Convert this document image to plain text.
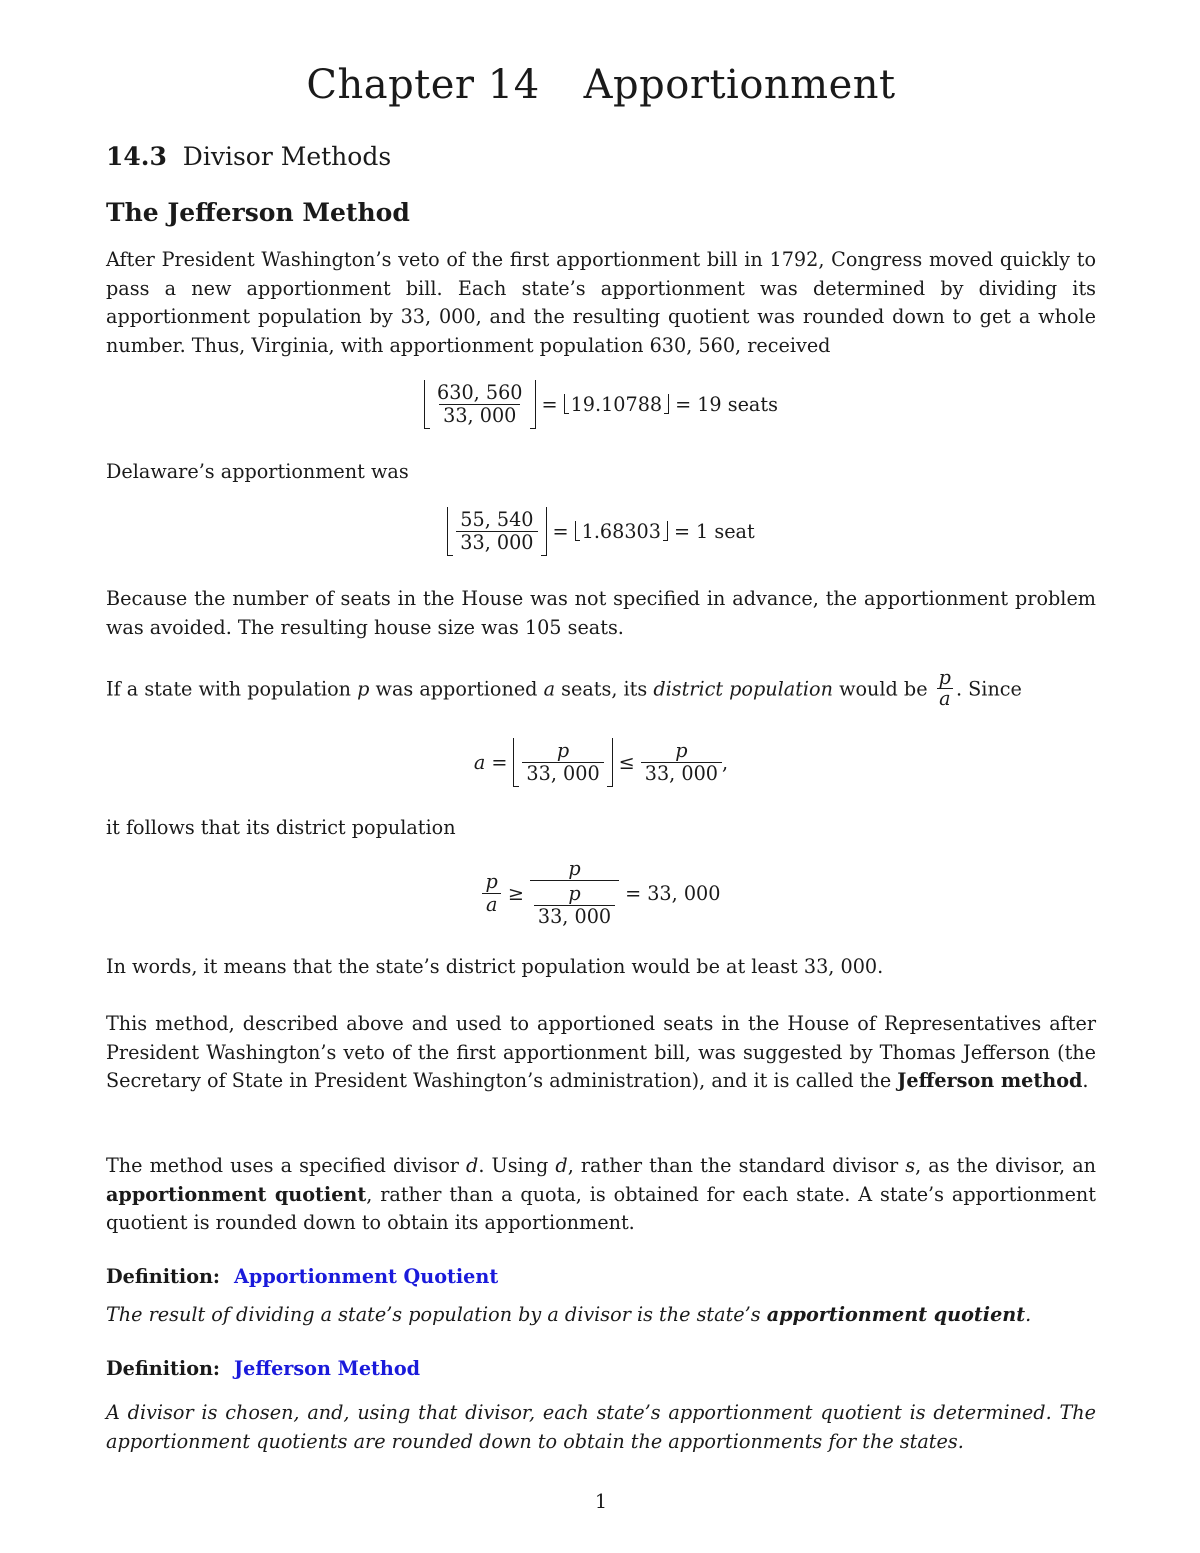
Chapter 14 Apportionment
14.3 Divisor Methods
The Jefferson Method
After President Washington’s veto of the first apportionment bill in 1792, Congress moved quickly to pass a new apportionment bill. Each state’s apportionment was determined by dividing its apportionment population by 33, 000, and the resulting quotient was rounded down to get a whole number. Thus, Virginia, with apportionment population 630, 560, received
$\frac{630, 560}{33, 000} = 19.10788 = 19$ seats
Delaware’s apportionment was
$\frac{55, 540}{33, 000} = 1.68303 = 1$ seat
Because the number of seats in the House was not specified in advance, the apportionment problem was avoided. The resulting house size was 105 seats.
If a state with population p was apportioned a seats, its district population would be $\frac{p}{a}$ . Since
$a = \frac{p}{33, 000} \le \frac{p}{33, 000}$ ,
it follows that its district population
$\frac{p}{a} \ge \frac{p}{\frac{p}{33, 000}} = 33$, 000
In words, it means that the state’s district population would be at least 33, 000.
This method, described above and used to apportioned seats in the House of Representatives after President Washington’s veto of the first apportionment bill, was suggested by Thomas Jefferson (the Secretary of State in President Washington’s administration), and it is called the Jefferson method.
The method uses a specified divisor d. Using d, rather than the standard divisor s, as the divisor, an apportionment quotient, rather than a quota, is obtained for each state. A state’s apportionment quotient is rounded down to obtain its apportionment.
Definition: Apportionment Quotient
The result of dividing a state’s population by a divisor is the state’s apportionment quotient.
Definition: Jefferson Method
A divisor is chosen, and, using that divisor, each state’s apportionment quotient is determined. The apportionment quotients are rounded down to obtain the apportionments for the states.
1
